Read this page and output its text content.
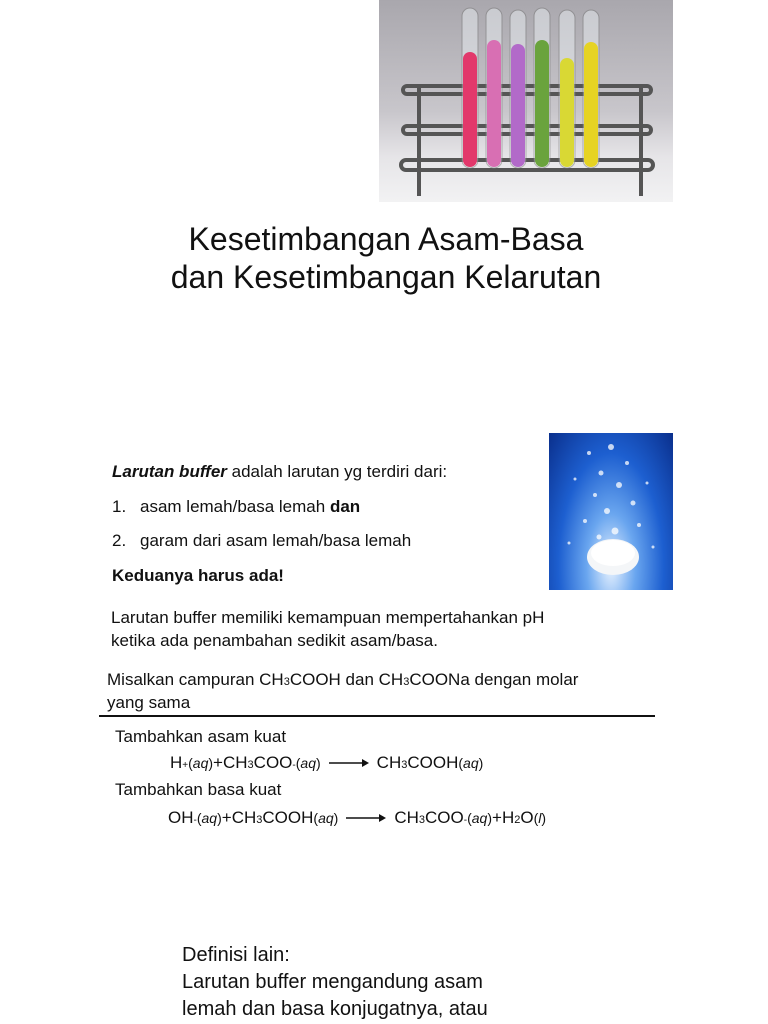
Kesetimbangan Asam-Basa
dan Kesetimbangan Kelarutan
Larutan buffer adalah larutan yg terdiri dari:
1. asam lemah/basa lemah dan
2. garam dari asam lemah/basa lemah
Keduanya harus ada!
Larutan buffer memiliki kemampuan mempertahankan pH
ketika ada penambahan sedikit asam/basa.
Misalkan campuran CH 3 COOH dan CH 3 COONa dengan molar
yang sama
Tambahkan asam kuat
H + ( aq ) + CH 3 COO - ( aq ) → CH 3 COOH ( aq )
Tambahkan basa kuat
OH - ( aq ) + CH 3 COOH ( aq ) → CH 3 COO - ( aq ) + H 2 O ( l )
Definisi lain:
Larutan buffer mengandung asam
lemah dan basa konjugatnya, atau
